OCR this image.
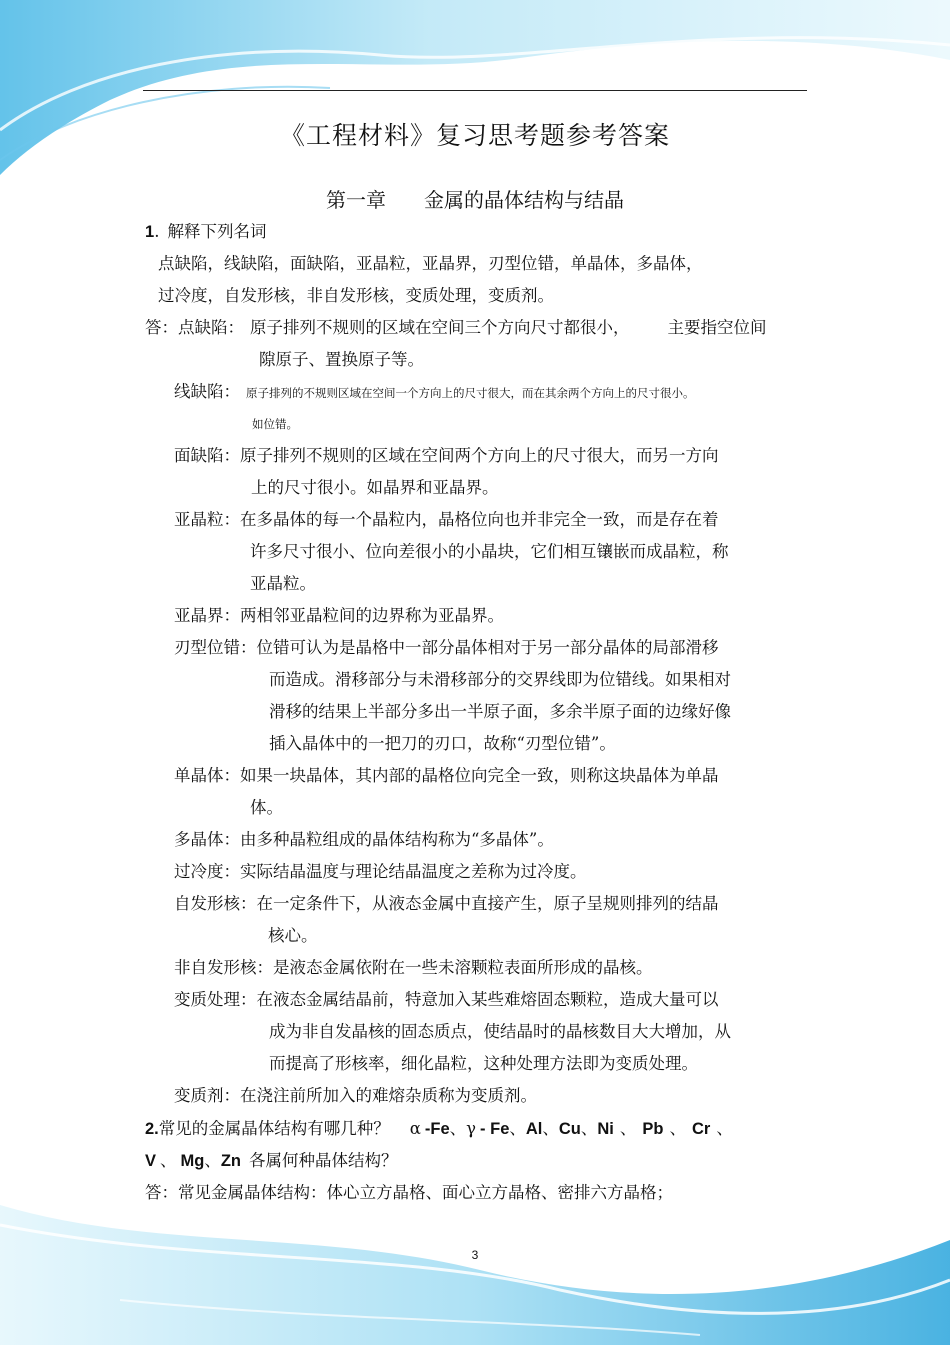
《工程材料》复习思考题参考答案
第一章 金属的晶体结构与结晶
1. 解释下列名词
点缺陷，线缺陷，面缺陷，亚晶粒，亚晶界，刃型位错，单晶体，多晶体，
过冷度，自发形核，非自发形核，变质处理，变质剂。
答：点缺陷： 原子排列不规则的区域在空间三个方向尺寸都很小， 主要指空位间
隙原子、置换原子等。
线缺陷： 原子排列的不规则区域在空间一个方向上的尺寸很大，而在其余两个方向上的尺寸很小。
如位错。
面缺陷：原子排列不规则的区域在空间两个方向上的尺寸很大，而另一方向
上的尺寸很小。如晶界和亚晶界。
亚晶粒：在多晶体的每一个晶粒内，晶格位向也并非完全一致，而是存在着
许多尺寸很小、位向差很小的小晶块，它们相互镶嵌而成晶粒，称
亚晶粒。
亚晶界：两相邻亚晶粒间的边界称为亚晶界。
刃型位错：位错可认为是晶格中一部分晶体相对于另一部分晶体的局部滑移
而造成。滑移部分与未滑移部分的交界线即为位错线。如果相对
滑移的结果上半部分多出一半原子面，多余半原子面的边缘好像
插入晶体中的一把刀的刃口，故称“刃型位错”。
单晶体：如果一块晶体，其内部的晶格位向完全一致，则称这块晶体为单晶
体。
多晶体：由多种晶粒组成的晶体结构称为“多晶体”。
过冷度：实际结晶温度与理论结晶温度之差称为过冷度。
自发形核：在一定条件下，从液态金属中直接产生，原子呈规则排列的结晶
核心。
非自发形核：是液态金属依附在一些未溶颗粒表面所形成的晶核。
变质处理：在液态金属结晶前，特意加入某些难熔固态颗粒，造成大量可以
成为非自发晶核的固态质点，使结晶时的晶核数目大大增加，从
而提高了形核率，细化晶粒，这种处理方法即为变质处理。
变质剂：在浇注前所加入的难熔杂质称为变质剂。
2.常见的金属晶体结构有哪几种？ α -Fe、γ - Fe、Al、Cu、Ni 、 Pb 、 Cr 、
V 、 Mg、Zn 各属何种晶体结构？
答：常见金属晶体结构：体心立方晶格、面心立方晶格、密排六方晶格；
3
